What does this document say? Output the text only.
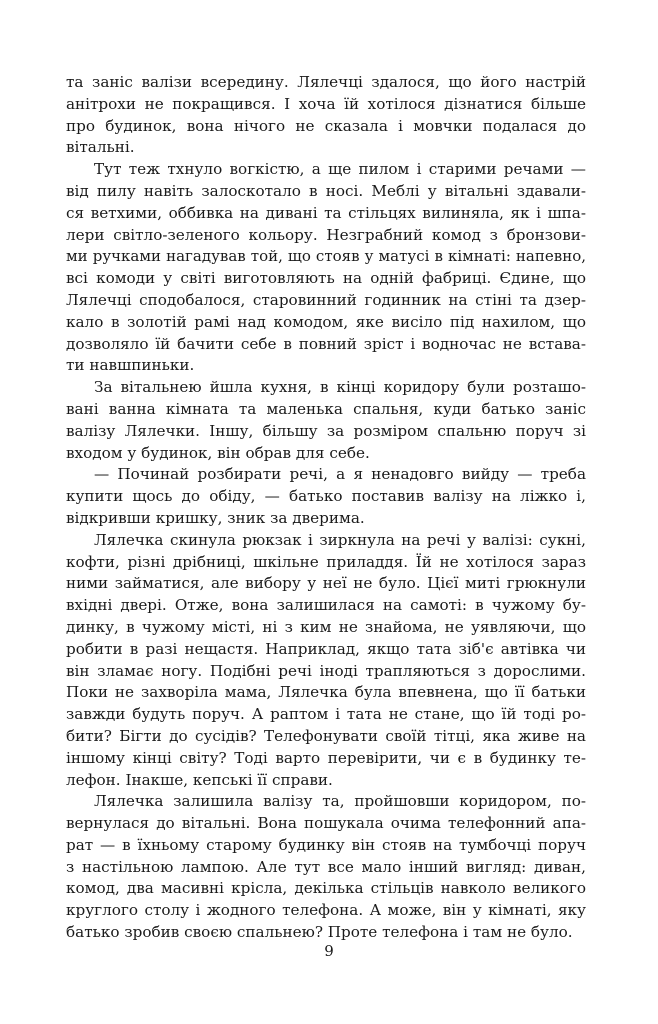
та заніс валізи всередину. Лялечці здалося, що його настрій
анітрохи не покращився. І хоча їй хотілося дізнатися більше
про будинок, вона нічого не сказала і мовчки подалася до
вітальні.
Тут теж тхнуло вогкістю, а ще пилом і старими речами —
від пилу навіть залоскотало в носі. Меблі у вітальні здавали-
ся ветхими, оббивка на дивані та стільцях вилиняла, як і шпа-
лери світло-зеленого кольору. Незграбний комод з бронзови-
ми ручками нагадував той, що стояв у матусі в кімнаті: напевно,
всі комоди у світі виготовляють на одній фабриці. Єдине, що
Лялечці сподобалося, старовинний годинник на стіні та дзер-
кало в золотій рамі над комодом, яке висіло під нахилом, що
дозволяло їй бачити себе в повний зріст і водночас не встава-
ти навшпиньки.
За вітальнею йшла кухня, в кінці коридору були розташо-
вані ванна кімната та маленька спальня, куди батько заніс
валізу Лялечки. Іншу, більшу за розміром спальню поруч зі
входом у будинок, він обрав для себе.
— Починай розбирати речі, а я ненадовго вийду — треба
купити щось до обіду, — батько поставив валізу на ліжко і,
відкривши кришку, зник за дверима.
Лялечка скинула рюкзак і зиркнула на речі у валізі: сукні,
кофти, різні дрібниці, шкільне приладдя. Їй не хотілося зараз
ними займатися, але вибору у неї не було. Цієї миті грюкнули
вхідні двері. Отже, вона залишилася на самоті: в чужому бу-
динку, в чужому місті, ні з ким не знайома, не уявляючи, що
робити в разі нещастя. Наприклад, якщо тата зіб'є автівка чи
він зламає ногу. Подібні речі іноді трапляються з дорослими.
Поки не захворіла мама, Лялечка була впевнена, що її батьки
завжди будуть поруч. А раптом і тата не стане, що їй тоді ро-
бити? Бігти до сусідів? Телефонувати своїй тітці, яка живе на
іншому кінці світу? Тоді варто перевірити, чи є в будинку те-
лефон. Інакше, кепські її справи.
Лялечка залишила валізу та, пройшовши коридором, по-
вернулася до вітальні. Вона пошукала очима телефонний апа-
рат — в їхньому старому будинку він стояв на тумбочці поруч
з настільною лампою. Але тут все мало інший вигляд: диван,
комод, два масивні крісла, декілька стільців навколо великого
круглого столу і жодного телефона. А може, він у кімнаті, яку
батько зробив своєю спальнею? Проте телефона і там не було.
9
